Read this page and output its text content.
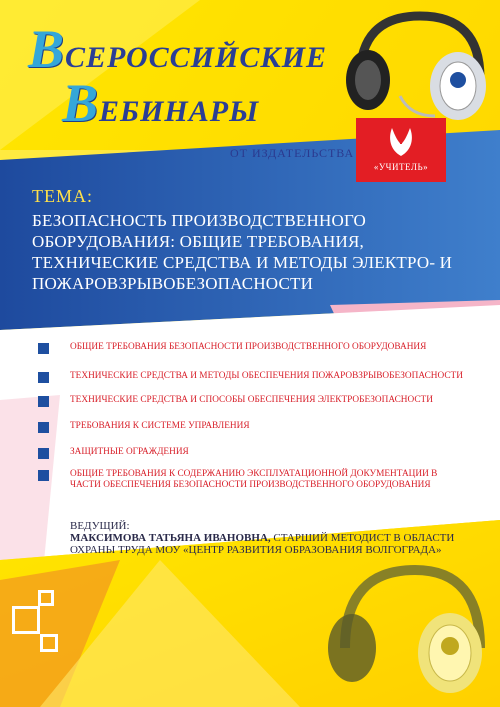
ВСЕРОССИЙСКИЕ
ВЕБИНАРЫ
ОТ ИЗДАТЕЛЬСТВА
«УЧИТЕЛЬ»
ТЕМА:
БЕЗОПАСНОСТЬ ПРОИЗВОДСТВЕННОГО ОБОРУДОВАНИЯ: ОБЩИЕ ТРЕБОВАНИЯ, ТЕХНИЧЕСКИЕ СРЕДСТВА И МЕТОДЫ ЭЛЕКТРО- И ПОЖАРОВЗРЫВОБЕЗОПАСНОСТИ
ОБЩИЕ ТРЕБОВАНИЯ БЕЗОПАСНОСТИ ПРОИЗВОДСТВЕННОГО ОБОРУДОВАНИЯ
ТЕХНИЧЕСКИЕ СРЕДСТВА И МЕТОДЫ ОБЕСПЕЧЕНИЯ ПОЖАРОВЗРЫВОБЕЗОПАСНОСТИ
ТЕХНИЧЕСКИЕ СРЕДСТВА И СПОСОБЫ ОБЕСПЕЧЕНИЯ ЭЛЕКТРОБЕЗОПАСНОСТИ
ТРЕБОВАНИЯ К СИСТЕМЕ УПРАВЛЕНИЯ
ЗАЩИТНЫЕ ОГРАЖДЕНИЯ
ОБЩИЕ ТРЕБОВАНИЯ К СОДЕРЖАНИЮ ЭКСПЛУАТАЦИОННОЙ ДОКУМЕНТАЦИИ В ЧАСТИ ОБЕСПЕЧЕНИЯ БЕЗОПАСНОСТИ ПРОИЗВОДСТВЕННОГО ОБОРУДОВАНИЯ
ВЕДУЩИЙ:
МАКСИМОВА ТАТЬЯНА ИВАНОВНА, СТАРШИЙ МЕТОДИСТ В ОБЛАСТИ ОХРАНЫ ТРУДА МОУ «ЦЕНТР РАЗВИТИЯ ОБРАЗОВАНИЯ ВОЛГОГРАДА»
